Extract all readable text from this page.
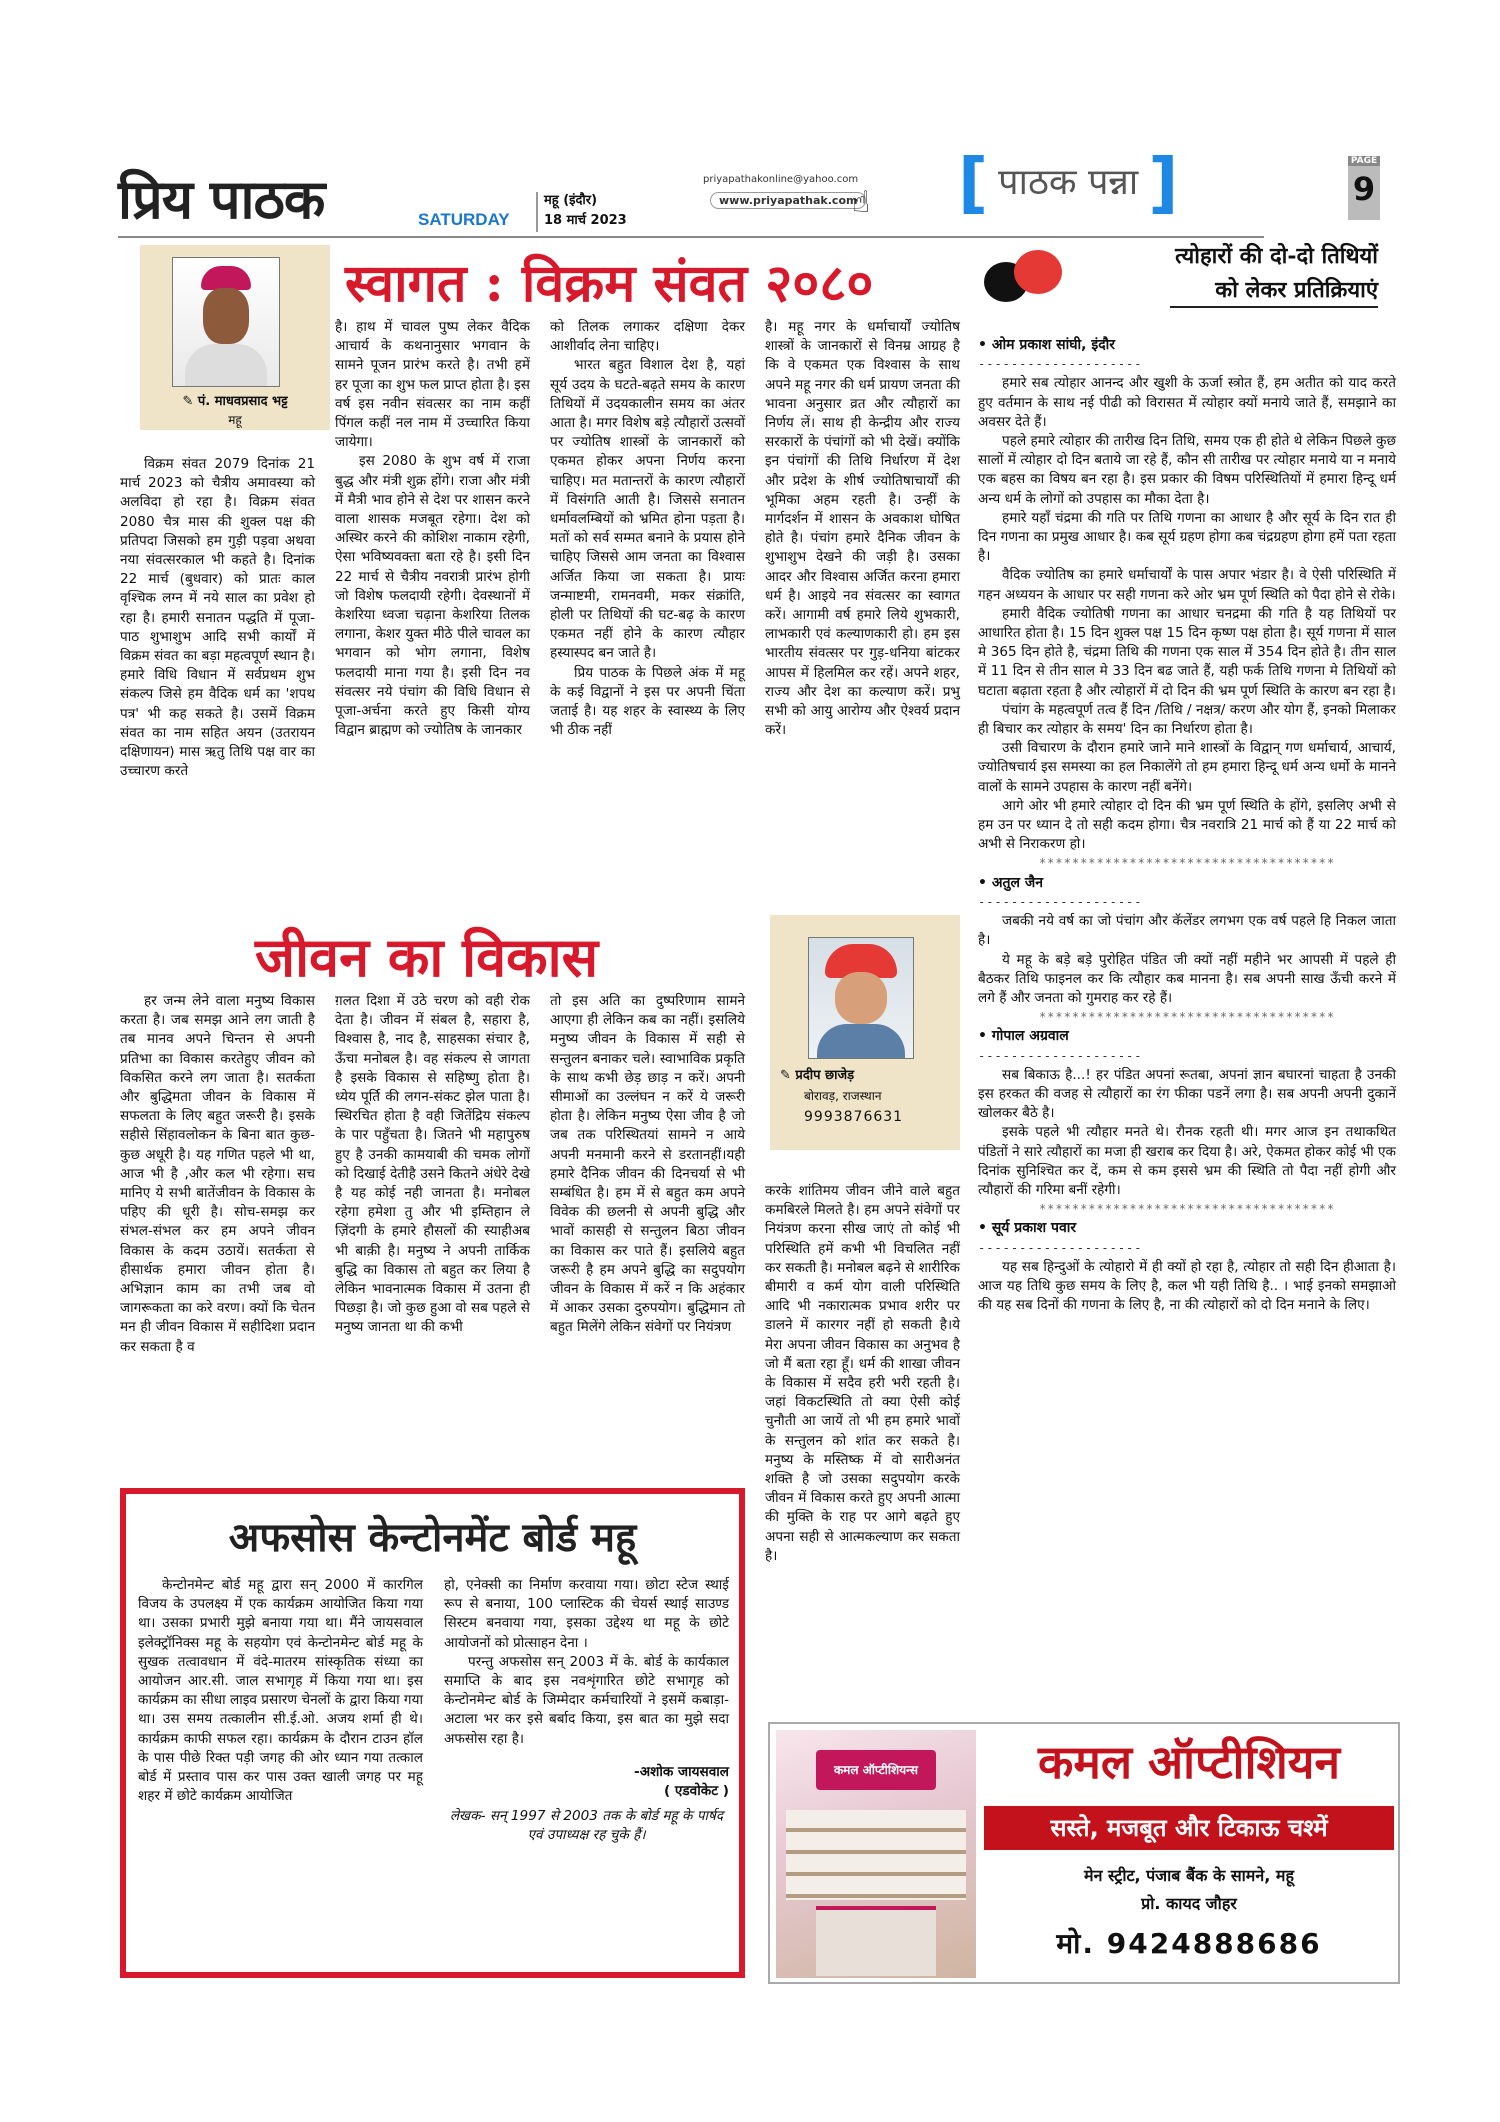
प्रिय पाठक	SATURDAY
महू (इंदौर)
18 मार्च 2023
priyapathakonline@yahoo.com
www.priyapathak.com
☝ [ पाठक पन्ना ]	PAGE
9
✎ पं. माधवप्रसाद भट्ट
महू
स्वागत : विक्रम संवत २०८०

विक्रम संवत 2079 दिनांक 21 मार्च 2023 को चैत्रीय अमावस्या को अलविदा हो रहा है। विक्रम संवत 2080 चैत्र मास की शुक्ल पक्ष की प्रतिपदा जिसको हम गुड़ी पड़वा अथवा नया संवत्सरकाल भी कहते है। दिनांक 22 मार्च (बुधवार) को प्रातः काल वृश्चिक लग्न में नये साल का प्रवेश हो रहा है। हमारी सनातन पद्धति में पूजा-पाठ शुभाशुभ आदि सभी कार्यों में विक्रम संवत का बड़ा महत्वपूर्ण स्थान है। हमारे विधि विधान में सर्वप्रथम शुभ संकल्प जिसे हम वैदिक धर्म का 'शपथ पत्र' भी कह सकते है। उसमें विक्रम संवत का नाम सहित अयन (उतरायन दक्षिणायन) मास ऋतु तिथि पक्ष वार का उच्चारण करते

है। हाथ में चावल पुष्प लेकर वैदिक आचार्य के कथनानुसार भगवान के सामने पूजन प्रारंभ करते है। तभी हमें हर पूजा का शुभ फल प्राप्त होता है। इस वर्ष इस नवीन संवत्सर का नाम कहीं पिंगल कहीं नल नाम में उच्चारित किया जायेगा।

इस 2080 के शुभ वर्ष में राजा बुद्ध और मंत्री शुक्र होंगे। राजा और मंत्री में मैत्री भाव होने से देश पर शासन करने वाला शासक मजबूत रहेगा। देश को अस्थिर करने की कोशिश नाकाम रहेगी, ऐसा भविष्यवक्ता बता रहे है। इसी दिन 22 मार्च से चैत्रीय नवरात्री प्रारंभ होगी जो विशेष फलदायी रहेगी। देवस्थानों में केशरिया ध्वजा चढ़ाना केशरिया तिलक लगाना, केशर युक्त मीठे पीले चावल का भगवान को भोग लगाना, विशेष फलदायी माना गया है। इसी दिन नव संवत्सर नये पंचांग की विधि विधान से पूजा-अर्चना करते हुए किसी योग्य विद्वान ब्राह्मण को ज्योतिष के जानकार

को तिलक लगाकर दक्षिणा देकर आशीर्वाद लेना चाहिए।

भारत बहुत विशाल देश है, यहां सूर्य उदय के घटते-बढ़ते समय के कारण तिथियों में उदयकालीन समय का अंतर आता है। मगर विशेष बड़े त्यौहारों उत्सवों पर ज्योतिष शास्त्रों के जानकारों को एकमत होकर अपना निर्णय करना चाहिए। मत मतान्तरों के कारण त्यौहारों में विसंगति आती है। जिससे सनातन धर्मावलम्बियों को भ्रमित होना पड़ता है। मतों को सर्व सम्मत बनाने के प्रयास होने चाहिए जिससे आम जनता का विश्वास अर्जित किया जा सकता है। प्रायः जन्माष्टमी, रामनवमी, मकर संक्रांति, होली पर तिथियों की घट-बढ़ के कारण एकमत नहीं होने के कारण त्यौहार हस्यास्पद बन जाते है।

प्रिय पाठक के पिछले अंक में महू के कई विद्वानों ने इस पर अपनी चिंता जताई है। यह शहर के स्वास्थ्य के लिए भी ठीक नहीं

है। महू नगर के धर्माचार्यों ज्योतिष शास्त्रों के जानकारों से विनम्र आग्रह है कि वे एकमत एक विश्वास के साथ अपने महू नगर की धर्म प्रायण जनता की भावना अनुसार व्रत और त्यौहारों का निर्णय लें। साथ ही केन्द्रीय और राज्य सरकारों के पंचांगों को भी देखें। क्योंकि इन पंचांगों की तिथि निर्धारण में देश और प्रदेश के शीर्ष ज्योतिषाचार्यों की भूमिका अहम रहती है। उन्हीं के मार्गदर्शन में शासन के अवकाश घोषित होते है। पंचांग हमारे दैनिक जीवन के शुभाशुभ देखने की जड़ी है। उसका आदर और विश्वास अर्जित करना हमारा धर्म है। आइये नव संवत्सर का स्वागत करें। आगामी वर्ष हमारे लिये शुभकारी, लाभकारी एवं कल्याणकारी हो। हम इस भारतीय संवत्सर पर गुड़-धनिया बांटकर आपस में हिलमिल कर रहें। अपने शहर, राज्य और देश का कल्याण करें। प्रभु सभी को आयु आरोग्य और ऐश्वर्य प्रदान करें।

जीवन का विकास
✎ प्रदीप छाजेड़
बोरावड़, राजस्थान
9993876631

हर जन्म लेने वाला मनुष्य विकास करता है। जब समझ आने लग जाती है तब मानव अपने चिन्तन से अपनी प्रतिभा का विकास करतेहुए जीवन को विकसित करने लग जाता है। सतर्कता और बुद्धिमता जीवन के विकास में सफलता के लिए बहुत जरूरी है। इसके सहीसे सिंहावलोकन के बिना बात कुछ-कुछ अधूरी है। यह गणित पहले भी था, आज भी है ,और कल भी रहेगा। सच मानिए ये सभी बातेंजीवन के विकास के पहिए की धूरी है। सोच-समझ कर संभल-संभल कर हम अपने जीवन विकास के कदम उठायें। सतर्कता से हीसार्थक हमारा जीवन होता है। अभिज्ञान काम का तभी जब वो जागरूकता का करे वरण। क्यों कि चेतन मन ही जीवन विकास में सहीदिशा प्रदान कर सकता है व

ग़लत दिशा में उठे चरण को वही रोक देता है। जीवन में संबल है, सहारा है, विश्वास है, नाद है, साहसका संचार है, ऊँचा मनोबल है। वह संकल्प से जागता है इसके विकास से सहिष्णु होता है। ध्येय पूर्ति की लगन-संकट झेल पाता है। स्थिरचित होता है वही जितेंद्रिय संकल्प के पार पहुँचता है। जितने भी महापुरुष हुए है उनकी कामयाबी की चमक लोगों को दिखाई देतीहै उसने कितने अंधेरे देखे है यह कोई नही जानता है। मनोबल रहेगा हमेशा तु और भी इम्तिहान ले ज़िंदगी के हमारे हौसलों की स्याहीअब भी बाक़ी है। मनुष्य ने अपनी तार्किक बुद्धि का विकास तो बहुत कर लिया है लेकिन भावनात्मक विकास में उतना ही पिछड़ा है। जो कुछ हुआ वो सब पहले से मनुष्य जानता था की कभी

तो इस अति का दुष्परिणाम सामने आएगा ही लेकिन कब का नहीं। इसलिये मनुष्य जीवन के विकास में सही से सन्तुलन बनाकर चले। स्वाभाविक प्रकृति के साथ कभी छेड़ छाड़ न करें। अपनी सीमाओं का उल्लंघन न करें ये जरूरी होता है। लेकिन मनुष्य ऐसा जीव है जो जब तक परिस्थितयां सामने न आये अपनी मनमानी करने से डरतानहीं।यही हमारे दैनिक जीवन की दिनचर्या से भी सम्बंधित है। हम में से बहुत कम अपने विवेक की छलनी से अपनी बुद्धि और भावों कासही से सन्तुलन बिठा जीवन का विकास कर पाते हैं। इसलिये बहुत जरूरी है हम अपने बुद्धि का सदुपयोग जीवन के विकास में करें न कि अहंकार में आकर उसका दुरुपयोग। बुद्धिमान तो बहुत मिलेंगे लेकिन संवेगों पर नियंत्रण

करके शांतिमय जीवन जीने वाले बहुत कमबिरले मिलते है। हम अपने संवेगों पर नियंत्रण करना सीख जाएं तो कोई भी परिस्थिति हमें कभी भी विचलित नहीं कर सकती है। मनोबल बढ़ने से शारीरिक बीमारी व कर्म योग वाली परिस्थिति आदि भी नकारात्मक प्रभाव शरीर पर डालने में कारगर नहीं हो सकती है।ये मेरा अपना जीवन विकास का अनुभव है जो मैं बता रहा हूँ। धर्म की शाखा जीवन के विकास में सदैव हरी भरी रहती है। जहां विकटस्थिति तो क्या ऐसी कोई चुनौती आ जायें तो भी हम हमारे भावों के सन्तुलन को शांत कर सकते है। मनुष्य के मस्तिष्क में वो सारीअनंत शक्ति है जो उसका सदुपयोग करके जीवन में विकास करते हुए अपनी आत्मा की मुक्ति के राह पर आगे बढ़ते हुए अपना सही से आत्मकल्याण कर सकता है।

अफसोस केन्टोनमेंट बोर्ड महू

केन्टोनमेन्ट बोर्ड महू द्वारा सन् 2000 में कारगिल विजय के उपलक्ष्य में एक कार्यक्रम आयोजित किया गया था। उसका प्रभारी मुझे बनाया गया था। मैंने जायसवाल इलेक्ट्रॉनिक्स महू के सहयोग एवं केन्टोनमेन्ट बोर्ड महू के सुखक तत्वावधान में वंदे-मातरम सांस्कृतिक संध्या का आयोजन आर.सी. जाल सभागृह में किया गया था। इस कार्यक्रम का सीधा लाइव प्रसारण चेनलों के द्वारा किया गया था। उस समय तत्कालीन सी.ई.ओ. अजय शर्मा ही थे। कार्यक्रम काफी सफल रहा। कार्यक्रम के दौरान टाउन हॉल के पास पीछे रिक्त पड़ी जगह की ओर ध्यान गया तत्काल बोर्ड में प्रस्ताव पास कर पास उक्त खाली जगह पर महू शहर में छोटे कार्यक्रम आयोजित

हो, एनेक्सी का निर्माण करवाया गया। छोटा स्टेज स्थाई रूप से बनाया, 100 प्लास्टिक की चेयर्स स्थाई साउण्ड सिस्टम बनवाया गया, इसका उद्देश्य था महू के छोटे आयोजनों को प्रोत्साहन देना ।

परन्तु अफसोस सन् 2003 में के. बोर्ड के कार्यकाल समाप्ति के बाद इस नवशृंगारित छोटे सभागृह को केन्टोनमेन्ट बोर्ड के जिम्मेदार कर्मचारियों ने इसमें कबाड़ा-अटाला भर कर इसे बर्बाद किया, इस बात का मुझे सदा अफसोस रहा है।

-अशोक जायसवाल
( एडवोकेट )
लेखक- सन् 1997 से 2003 तक के बोर्ड महू के पार्षद एवं उपाध्यक्ष रह चुके हैं।
त्योहारों की दो-दो तिथियों
को लेकर प्रतिक्रियाएं
• ओम प्रकाश सांघी, इंदौर
--------------------

हमारे सब त्योहार आनन्द और खुशी के ऊर्जा स्त्रोत हैं, हम अतीत को याद करते हुए वर्तमान के साथ नई पीढी को विरासत में त्योहार क्यों मनाये जाते हैं, समझाने का अवसर देते हैं।

पहले हमारे त्योहार की तारीख दिन तिथि, समय एक ही होते थे लेकिन पिछले कुछ सालों में त्योहार दो दिन बताये जा रहे हैं, कौन सी तारीख पर त्योहार मनाये या न मनाये एक बहस का विषय बन रहा है। इस प्रकार की विषम परिस्थितियों में हमारा हिन्दू धर्म अन्य धर्म के लोगों को उपहास का मौका देता है।

हमारे यहाँ चंद्रमा की गति पर तिथि गणना का आधार है और सूर्य के दिन रात ही दिन गणना का प्रमुख आधार है। कब सूर्य ग्रहण होगा कब चंद्रग्रहण होगा हमें पता रहता है।

वैदिक ज्योतिष का हमारे धर्माचार्यों के पास अपार भंडार है। वे ऐसी परिस्थिति में गहन अध्ययन के आधार पर सही गणना करे ओर भ्रम पूर्ण स्थिति को पैदा होने से रोके।

हमारी वैदिक ज्योतिषी गणना का आधार चनद्रमा की गति है यह तिथियों पर आधारित होता है। 15 दिन शुक्ल पक्ष 15 दिन कृष्ण पक्ष होता है। सूर्य गणना में साल मे 365 दिन होते है, चंद्रमा तिथि की गणना एक साल में 354 दिन होते है। तीन साल में 11 दिन से तीन साल मे 33 दिन बढ जाते हैं, यही फर्क तिथि गणना मे तिथियों को घटाता बढ़ाता रहता है और त्योहारों में दो दिन की भ्रम पूर्ण स्थिति के कारण बन रहा है।

पंचांग के महत्वपूर्ण तत्व हैं दिन /तिथि / नक्षत्र/ करण और योग हैं, इनको मिलाकर ही बिचार कर त्योहार के समय' दिन का निर्धारण होता है।

उसी विचारण के दौरान हमारे जाने माने शास्त्रों के विद्वान् गण धर्माचार्य, आचार्य, ज्योतिषचार्य इस समस्या का हल निकालेंगे तो हम हमारा हिन्दू धर्म अन्य धर्मो के मानने वालों के सामने उपहास के कारण नहीं बनेंगे।

आगे ओर भी हमारे त्योहार दो दिन की भ्रम पूर्ण स्थिति के होंगे, इसलिए अभी से हम उन पर ध्यान दे तो सही कदम होगा। चैत्र नवरात्रि 21 मार्च को हैं या 22 मार्च को अभी से निराकरण हो।

************************************
• अतुल जैन
--------------------

जबकी नये वर्ष का जो पंचांग और कॅलेंडर लगभग एक वर्ष पहले हि निकल जाता है।

ये महू के बड़े बड़े पुरोहित पंडित जी क्यों नहीं महीने भर आपसी में पहले ही बैठकर तिथि फाइनल कर कि त्यौहार कब मानना है। सब अपनी साख ऊँची करने में लगे हैं और जनता को गुमराह कर रहे हैं।

************************************
• गोपाल अग्रवाल
--------------------

सब बिकाऊ है...! हर पंडित अपनां रूतबा, अपनां ज्ञान बघारनां चाहता है उनकी इस हरकत की वजह से त्यौहारों का रंग फीका पडनें लगा है। सब अपनी अपनी दुकानें खोलकर बैठे है।

इसके पहले भी त्यौहार मनते थे। रौनक रहती थी। मगर आज इन तथाकथित पंडितों ने सारे त्यौहारों का मजा ही खराब कर दिया है। अरे, ऐकमत होकर कोई भी एक दिनांक सुनिश्चित कर दें, कम से कम इससे भ्रम की स्थिति तो पैदा नहीं होगी और त्यौहारों की गरिमा बनीं रहेगी।

************************************
• सूर्य प्रकाश पवार
--------------------

यह सब हिन्दुओं के त्योहारो में ही क्यों हो रहा है, त्योहार तो सही दिन हीआता है। आज यह तिथि कुछ समय के लिए है, कल भी यही तिथि है.. । भाई इनको समझाओ की यह सब दिनों की गणना के लिए है, ना की त्योहारों को दो दिन मनाने के लिए।

कमल ऑप्टीशियन्स	कमल ऑप्टीशियन
सस्ते, मजबूत और टिकाऊ चश्में
मेन स्ट्रीट, पंजाब बैंक के सामने, महू
प्रो. कायद जौहर
मो. 9424888686
